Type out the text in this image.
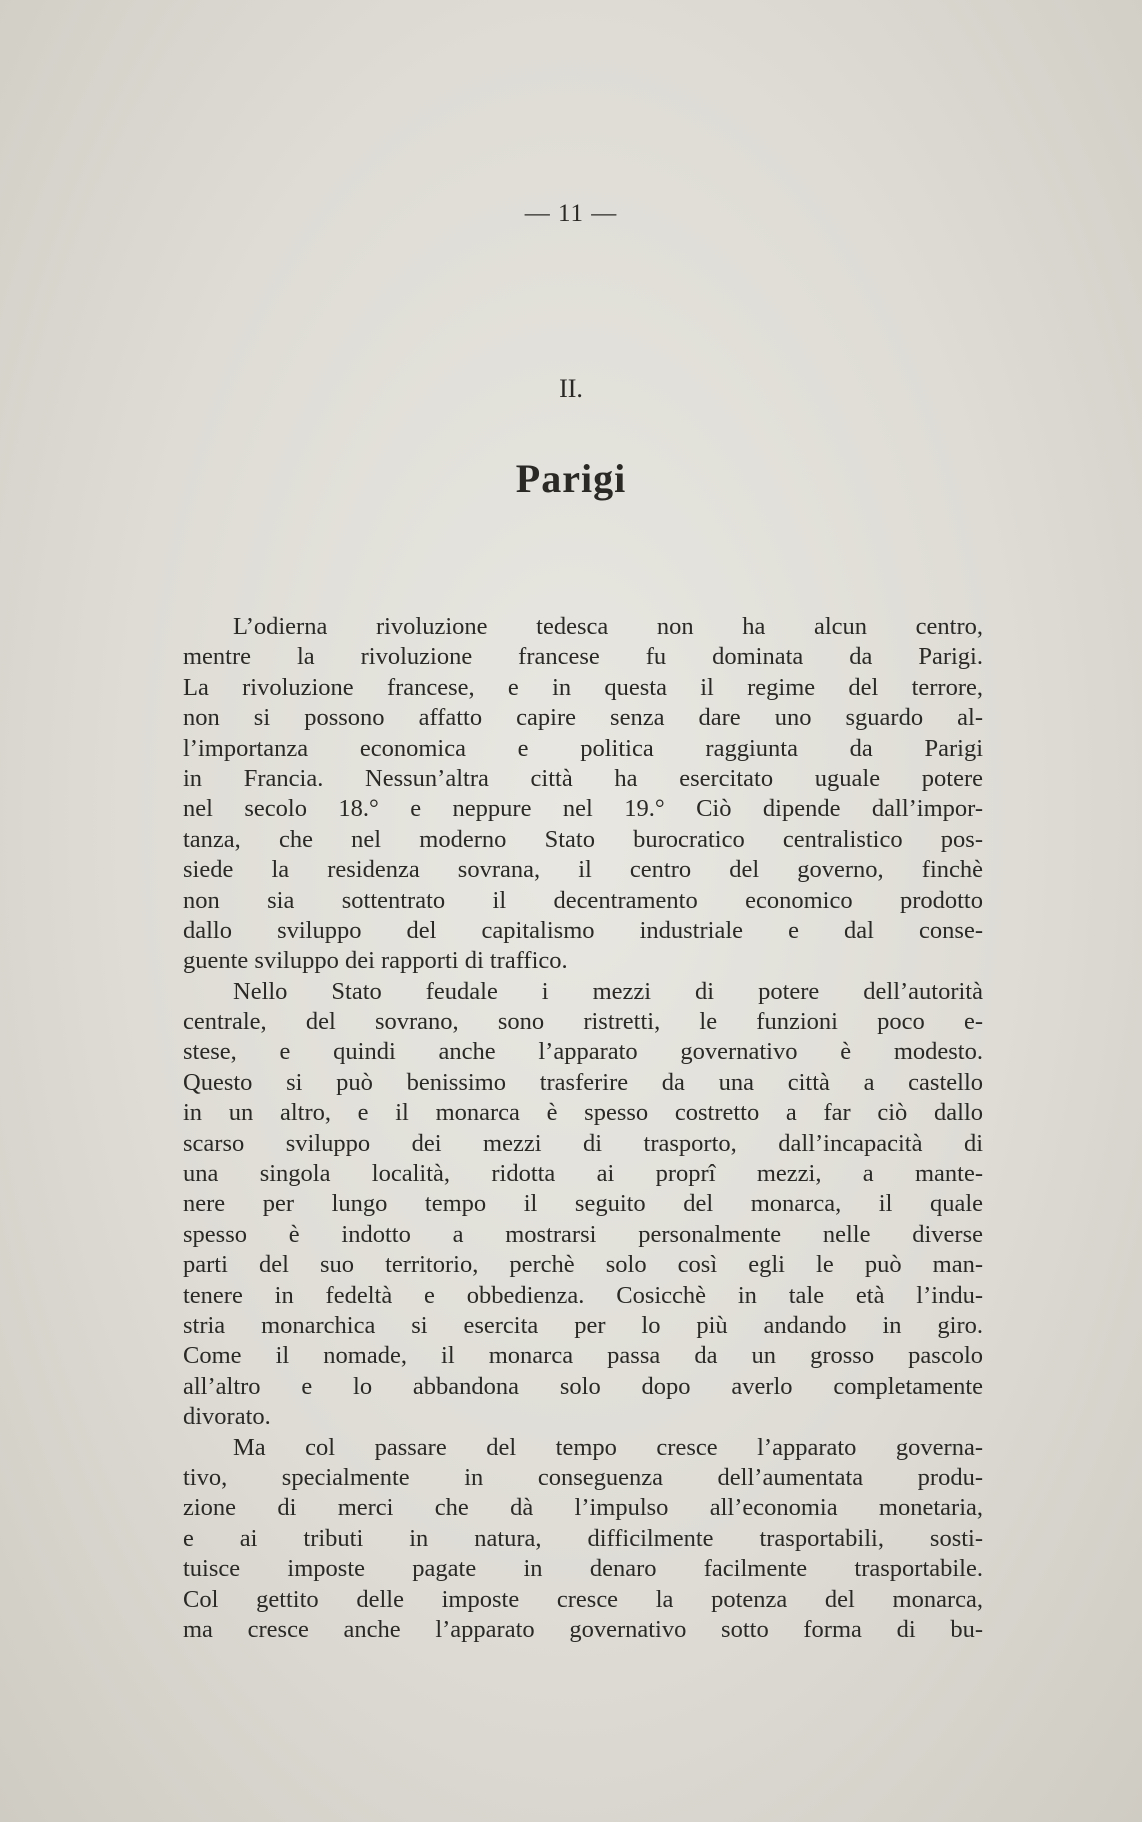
— 11 —
II.
Parigi
L’odierna rivoluzione tedesca non ha alcun centro,
mentre la rivoluzione francese fu dominata da Parigi.
La rivoluzione francese, e in questa il regime del terrore,
non si possono affatto capire senza dare uno sguardo al-
l’importanza economica e politica raggiunta da Parigi
in Francia. Nessun’altra città ha esercitato uguale potere
nel secolo 18.° e neppure nel 19.° Ciò dipende dall’impor-
tanza, che nel moderno Stato burocratico centralistico pos-
siede la residenza sovrana, il centro del governo, finchè
non sia sottentrato il decentramento economico prodotto
dallo sviluppo del capitalismo industriale e dal conse-
guente sviluppo dei rapporti di traffico.
Nello Stato feudale i mezzi di potere dell’autorità
centrale, del sovrano, sono ristretti, le funzioni poco e-
stese, e quindi anche l’apparato governativo è modesto.
Questo si può benissimo trasferire da una città a castello
in un altro, e il monarca è spesso costretto a far ciò dallo
scarso sviluppo dei mezzi di trasporto, dall’incapacità di
una singola località, ridotta ai proprî mezzi, a mante-
nere per lungo tempo il seguito del monarca, il quale
spesso è indotto a mostrarsi personalmente nelle diverse
parti del suo territorio, perchè solo così egli le può man-
tenere in fedeltà e obbedienza. Cosicchè in tale età l’indu-
stria monarchica si esercita per lo più andando in giro.
Come il nomade, il monarca passa da un grosso pascolo
all’altro e lo abbandona solo dopo averlo completamente
divorato.
Ma col passare del tempo cresce l’apparato governa-
tivo, specialmente in conseguenza dell’aumentata produ-
zione di merci che dà l’impulso all’economia monetaria,
e ai tributi in natura, difficilmente trasportabili, sosti-
tuisce imposte pagate in denaro facilmente trasportabile.
Col gettito delle imposte cresce la potenza del monarca,
ma cresce anche l’apparato governativo sotto forma di bu-
